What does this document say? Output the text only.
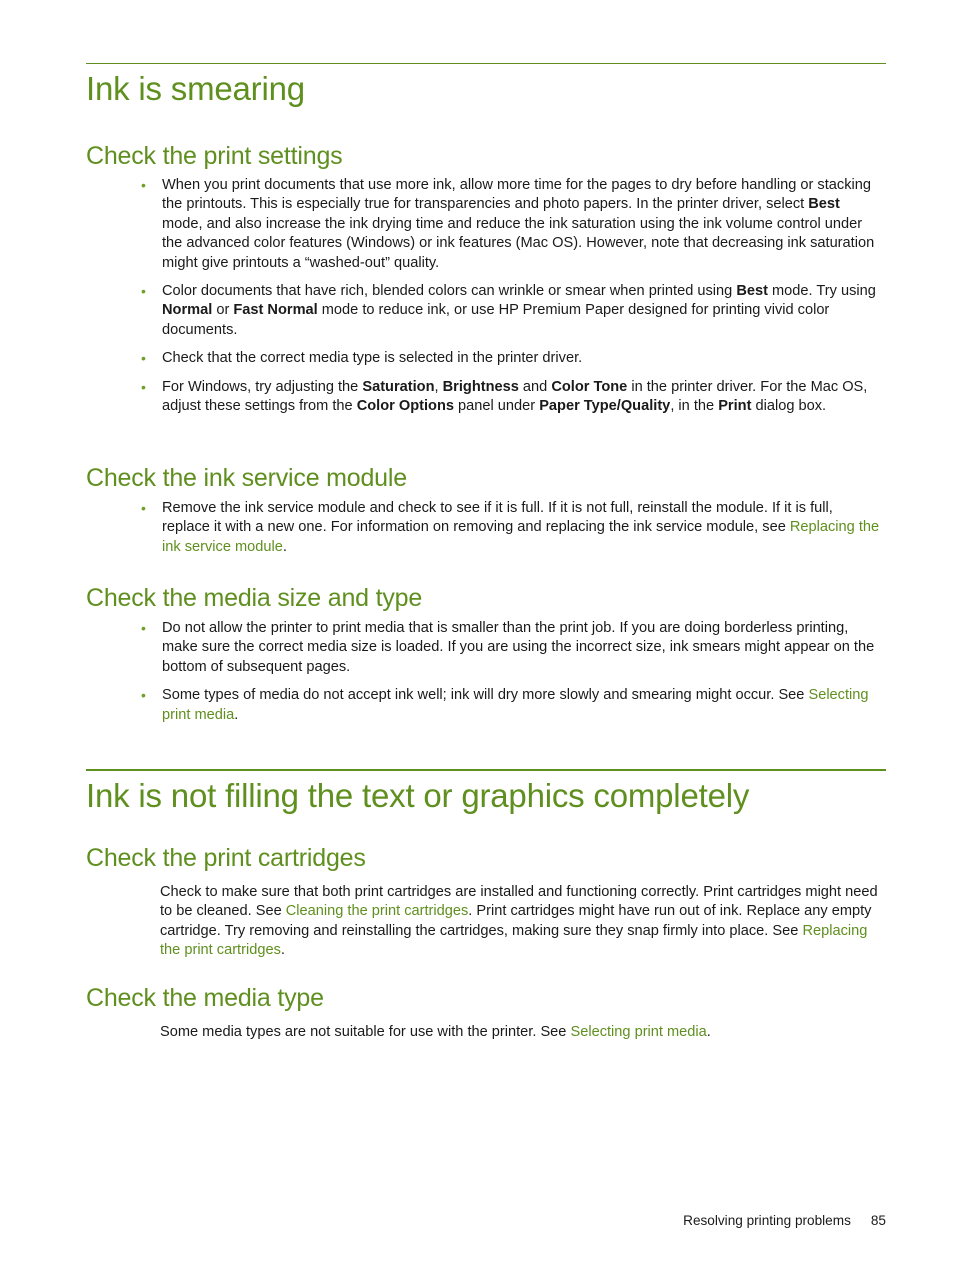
Ink is smearing
Check the print settings
• When you print documents that use more ink, allow more time for the pages to dry before handling or stacking the printouts. This is especially true for transparencies and photo papers. In the printer driver, select Best mode, and also increase the ink drying time and reduce the ink saturation using the ink volume control under the advanced color features (Windows) or ink features (Mac OS). However, note that decreasing ink saturation might give printouts a “washed-out” quality.
• Color documents that have rich, blended colors can wrinkle or smear when printed using Best mode. Try using Normal or Fast Normal mode to reduce ink, or use HP Premium Paper designed for printing vivid color documents.
• Check that the correct media type is selected in the printer driver.
• For Windows, try adjusting the Saturation, Brightness and Color Tone in the printer driver. For the Mac OS, adjust these settings from the Color Options panel under Paper Type/Quality, in the Print dialog box.
Check the ink service module
• Remove the ink service module and check to see if it is full. If it is not full, reinstall the module. If it is full, replace it with a new one. For information on removing and replacing the ink service module, see Replacing the ink service module.
Check the media size and type
• Do not allow the printer to print media that is smaller than the print job. If you are doing borderless printing, make sure the correct media size is loaded. If you are using the incorrect size, ink smears might appear on the bottom of subsequent pages.
• Some types of media do not accept ink well; ink will dry more slowly and smearing might occur. See Selecting print media.
Ink is not filling the text or graphics completely
Check the print cartridges

Check to make sure that both print cartridges are installed and functioning correctly. Print cartridges might need to be cleaned. See Cleaning the print cartridges. Print cartridges might have run out of ink. Replace any empty cartridge. Try removing and reinstalling the cartridges, making sure they snap firmly into place. See Replacing the print cartridges.

Check the media type

Some media types are not suitable for use with the printer. See Selecting print media.

Resolving printing problems 85
